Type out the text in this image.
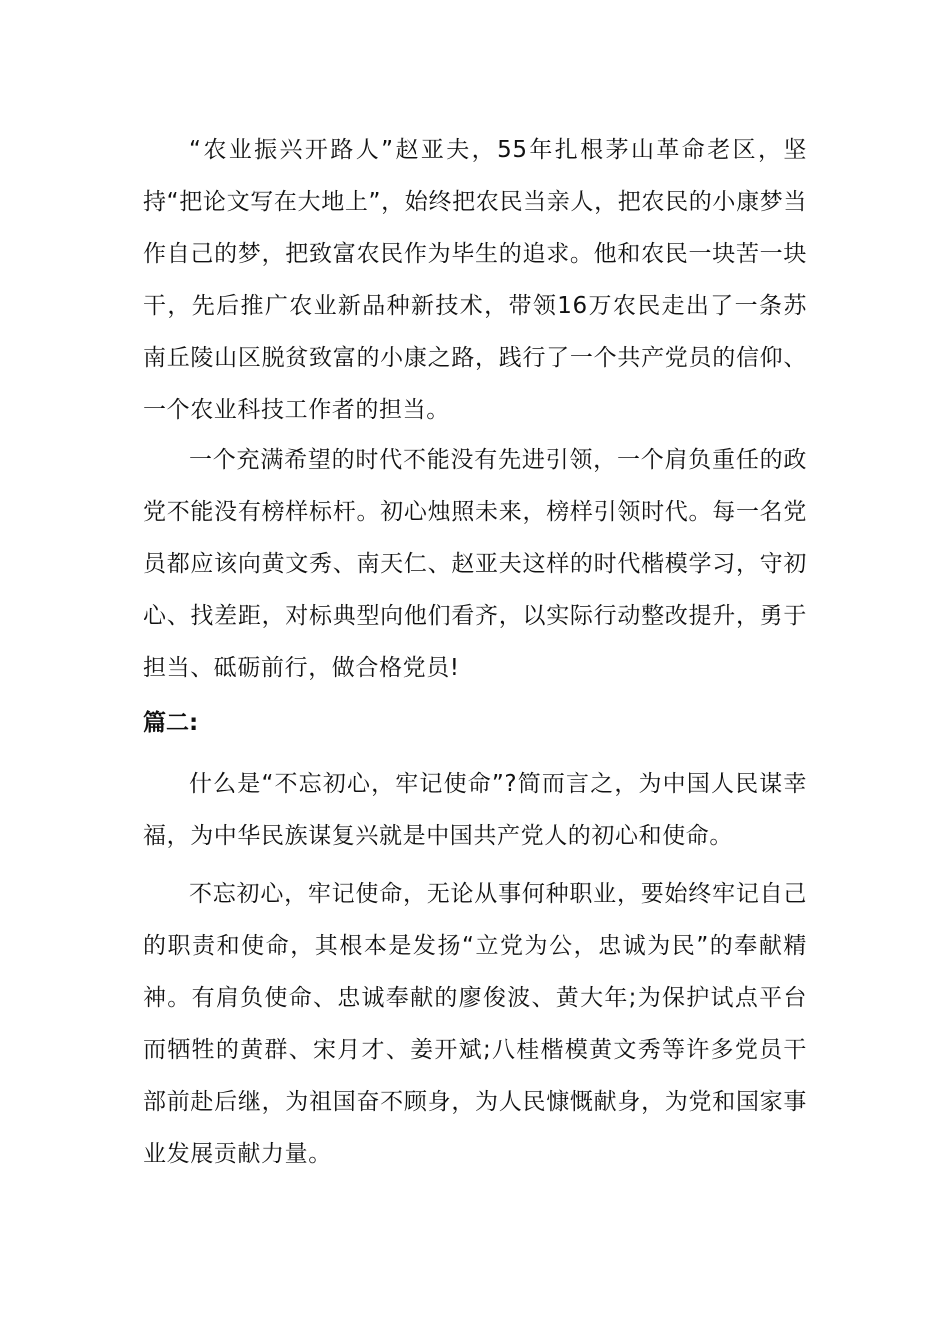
“农业振兴开路人”赵亚夫，55年扎根茅山革命老区，坚持“把论文写在大地上”，始终把农民当亲人，把农民的小康梦当作自己的梦，把致富农民作为毕生的追求。他和农民一块苦一块干，先后推广农业新品种新技术，带领16万农民走出了一条苏南丘陵山区脱贫致富的小康之路，践行了一个共产党员的信仰、一个农业科技工作者的担当。

一个充满希望的时代不能没有先进引领，一个肩负重任的政党不能没有榜样标杆。初心烛照未来，榜样引领时代。每一名党员都应该向黄文秀、南天仁、赵亚夫这样的时代楷模学习，守初心、找差距，对标典型向他们看齐，以实际行动整改提升，勇于担当、砥砺前行，做合格党员!

篇二:

什么是“不忘初心，牢记使命”?简而言之，为中国人民谋幸福，为中华民族谋复兴就是中国共产党人的初心和使命。

不忘初心，牢记使命，无论从事何种职业，要始终牢记自己的职责和使命，其根本是发扬“立党为公，忠诚为民”的奉献精神。有肩负使命、忠诚奉献的廖俊波、黄大年;为保护试点平台而牺牲的黄群、宋月才、姜开斌;八桂楷模黄文秀等许多党员干部前赴后继，为祖国奋不顾身，为人民慷慨献身，为党和国家事业发展贡献力量。
